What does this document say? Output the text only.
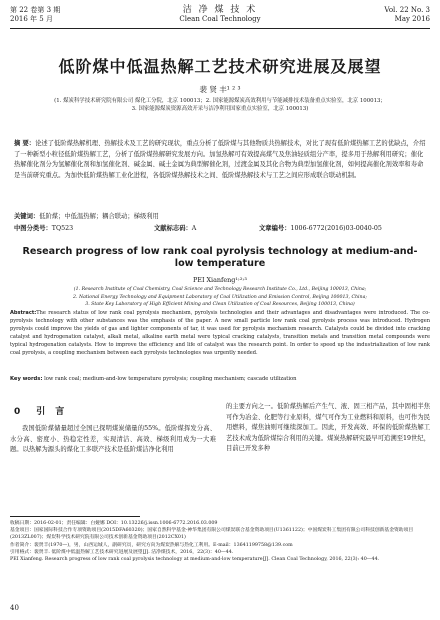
第 22 卷第 3 期
2016 年 5 月
洁 净 煤 技 术
Clean Coal Technology
Vol. 22 No. 3
May 2016
低阶煤中低温热解工艺技术研究进展及展望
裴 贤 丰¹ ² ³
(1. 煤炭科学技术研究院有限公司 煤化工分院，北京 100013；2. 国家能源煤炭高效利用与节能减排技术装备重点实验室，北京 100013；
3. 国家能源煤炭资源高效开采与洁净利用国家重点实验室，北京 100013)
摘 要：论述了低阶煤热解机理、热解技术及工艺的研究现状，重点分析了低阶煤与其他物质共热解技术，对比了现有低阶煤热解工艺的优缺点，介绍了一种新型小粒径低阶煤热解工艺，分析了低阶煤热解研究发展方向。加氢热解可有效提高煤气及焦油轻质组分产率，提多用于热解利用研究；催化热解催化剂分为氢解催化剂和加氢催化剂、碱金属、碱土金属为典型解催化剂，过渡金属及其化合物为典型加氢催化剂，如何提高催化剂效率和寿命是当前研究重点。为加快低阶煤热解工业化进程，各低阶煤热解技术之间、低阶煤热解技术与工艺之间应形成联合联动机制。
关键词：低阶煤；中低温热解；耦合联动；梯级利用
中图分类号：TQ523	文献标志码：A	文章编号：1006-6772(2016)03-0040-05
Research progress of low rank coal pyrolysis technology at medium-and-low temperature
PEI Xianfeng¹˒²˒³
(1. Research Institute of Coal Chemistry, Coal Science and Technology Research Institute Co., Ltd., Beijing 100013, China;
2. National Energy Technology and Equipment Laboratory of Coal Utilization and Emission Control, Beijing 100013, China;
3. State Key Laboratory of High Efficient Mining and Clean Utilization of Coal Resources, Beijing 100013, China)
Abstract:The research status of low rank coal pyrolysis mechanism, pyrolysis technologies and their advantages and disadvantages were introduced. The co-pyrolysis technology with other substances was the emphasis of the paper. A new small particle low rank coal pyrolysis process was introduced. Hydrogen pyrolysis could improve the yields of gas and lighter components of tar, it was used for pyrolysis mechanism research. Catalysts could be divided into cracking catalyst and hydrogenation catalyst, alkali metal, alkaline earth metal were typical cracking catalysts, transition metals and transition metal compounds were typical hydrogenation catalysts. How to improve the efficiency and life of catalyst was the research point. In order to speed up the industrialization of low rank coal pyrolysis, a coupling mechanism between each pyrolysis technologies was urgently needed.
Key words: low rank coal; medium-and-low temperature pyrolysis; coupling mechanism; cascade utilization
0 引言
我国低阶煤储量超过全国已探明煤炭储量的55%。低阶煤挥发分高、水分高、密度小、热稳定性差，实现清洁、高效、梯级利用成为一大难题。以热解为源头的煤化工多联产技术是低阶煤洁净化利用
的主要方向之一。低阶煤热解后产生气、液、固三相产品，其中固相半焦可作为冶金、化肥等行业原料，煤气可作为工业燃料和原料，也可作为民用燃料，煤焦油则可继续深加工。因此，开发高效、环保的低阶煤热解工艺技术成为低阶煤综合利用的关键。煤炭热解研究最早可追溯至19世纪，目前已开发多种

收稿日期：2016-02-01；责任编辑：白娅娜 DOI：10.13226/j.issn.1006-6772.2016.03.009

基金项目：国家国际科技合作专项资助项目(2015DFA60320)；国家自然科学基金-神华集团有限公司煤炭联合基金资助项目(U1361122)；中国煤炭科工集团有限公司科技创新基金资助项目(2013ZL007)；煤炭科学技术研究院有限公司技术创新基金资助项目(2012CX01)

作者简介：裴贤丰(1970—)，男，山西运城人，副研究员，研究方向为煤炭热解与热化工利用。E-mail：13641199758@139.com

引用格式：裴贤丰. 低阶煤中低温热解工艺技术研究进展及展望[J]. 洁净煤技术，2016，22(3)：40—44.

PEI Xianfeng. Research progress of low rank coal pyrolysis technology at medium-and-low temperature[J]. Clean Coal Technology, 2016, 22(3): 40—44.

40
